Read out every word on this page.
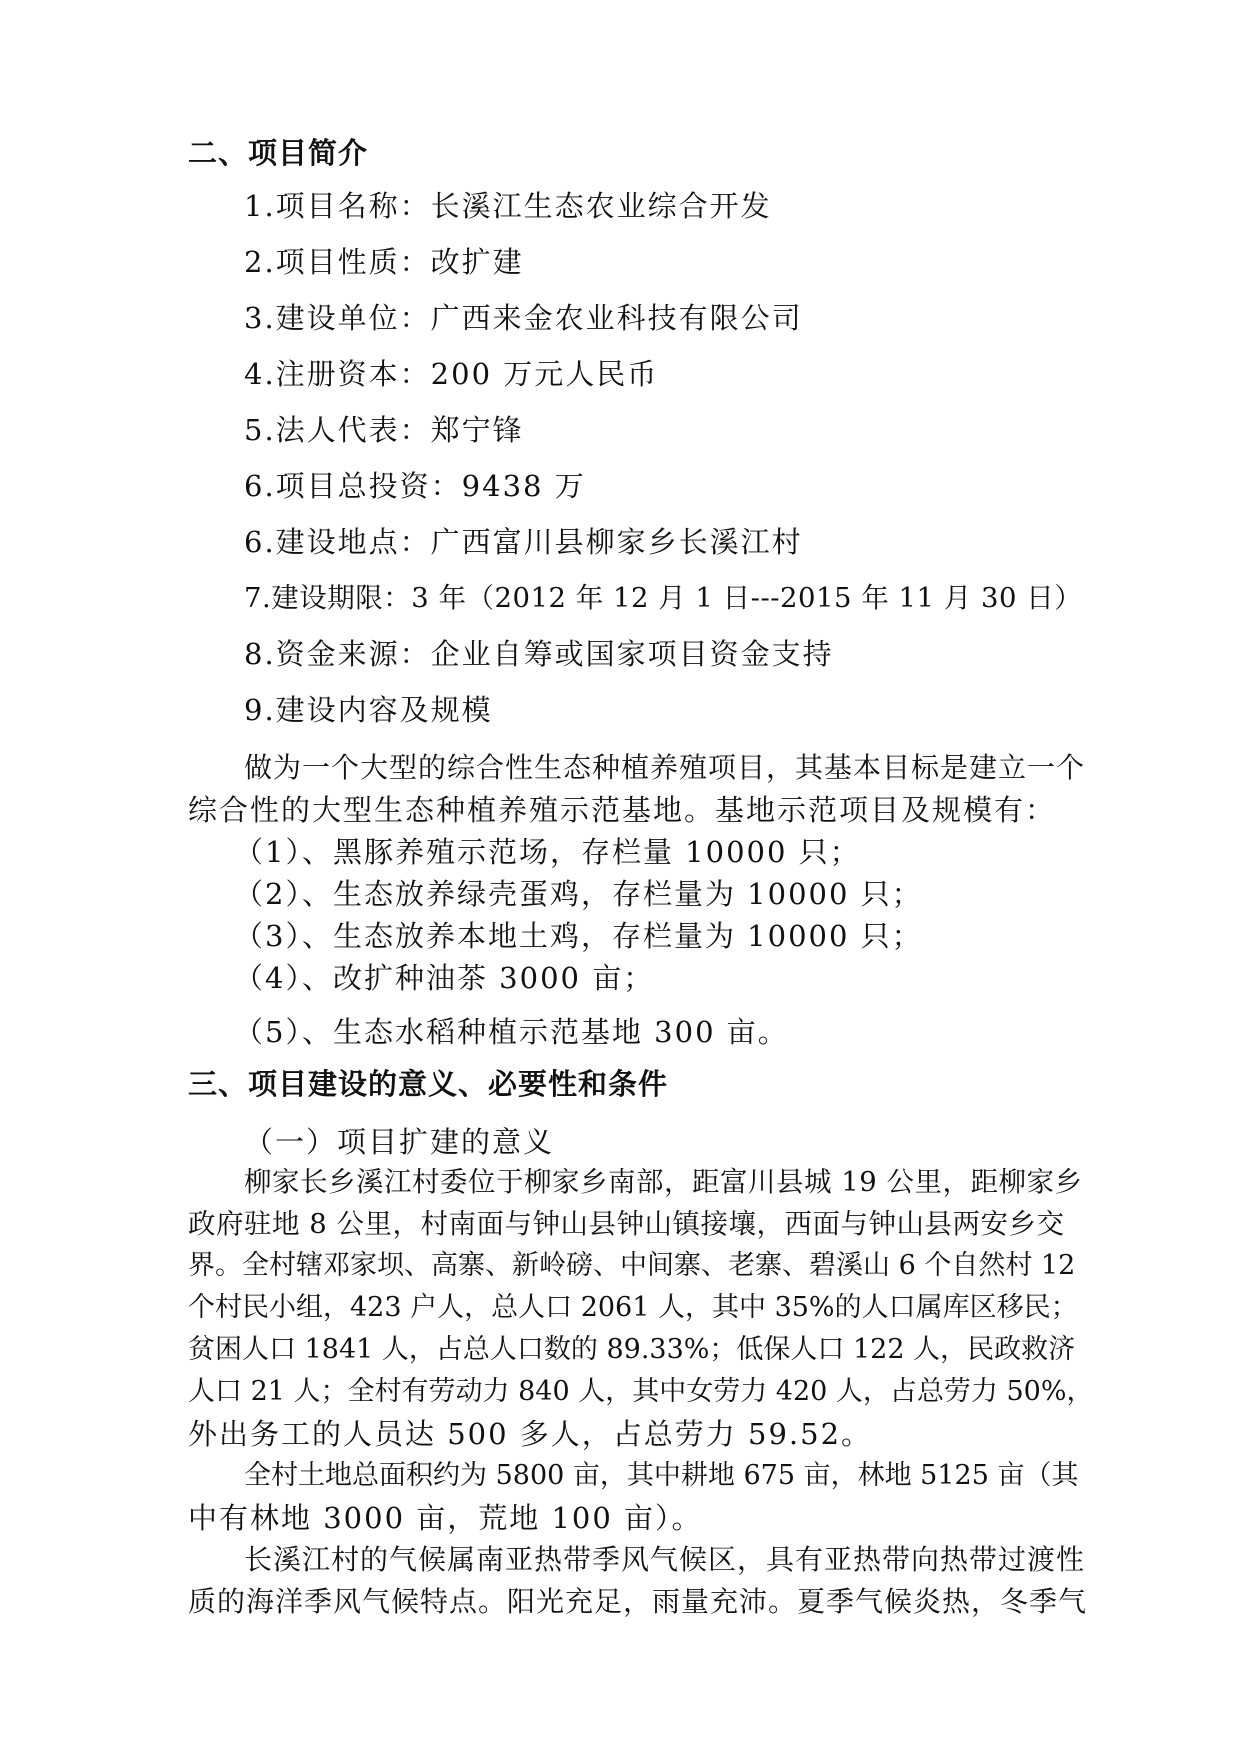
二、项目简介
1.项目名称：长溪江生态农业综合开发
2.项目性质：改扩建
3.建设单位：广西来金农业科技有限公司
4.注册资本：200 万元人民币
5.法人代表：郑宁锋
6.项目总投资：9438 万
6.建设地点：广西富川县柳家乡长溪江村
7.建设期限：3 年（2012 年 12 月 1 日---2015 年 11 月 30 日）
8.资金来源：企业自筹或国家项目资金支持
9.建设内容及规模
做为一个大型的综合性生态种植养殖项目，其基本目标是建立一个
综合性的大型生态种植养殖示范基地。基地示范项目及规模有：
（1）、黑豚养殖示范场，存栏量 10000 只；
（2）、生态放养绿壳蛋鸡，存栏量为 10000 只；
（3）、生态放养本地土鸡，存栏量为 10000 只；
（4）、改扩种油茶 3000 亩；
（5）、生态水稻种植示范基地 300 亩。
三、项目建设的意义、必要性和条件
（一）项目扩建的意义
柳家长乡溪江村委位于柳家乡南部，距富川县城 19 公里，距柳家乡
政府驻地 8 公里，村南面与钟山县钟山镇接壤，西面与钟山县两安乡交
界。全村辖邓家坝、高寨、新岭磅、中间寨、老寨、碧溪山 6 个自然村 12
个村民小组，423 户人，总人口 2061 人，其中 35%的人口属库区移民；
贫困人口 1841 人，占总人口数的 89.33%；低保人口 122 人，民政救济
人口 21 人；全村有劳动力 840 人，其中女劳力 420 人，占总劳力 50%，
外出务工的人员达 500 多人，占总劳力 59.52。
全村土地总面积约为 5800 亩，其中耕地 675 亩，林地 5125 亩（其
中有林地 3000 亩，荒地 100 亩）。
长溪江村的气候属南亚热带季风气候区，具有亚热带向热带过渡性
质的海洋季风气候特点。阳光充足，雨量充沛。夏季气候炎热，冬季气
